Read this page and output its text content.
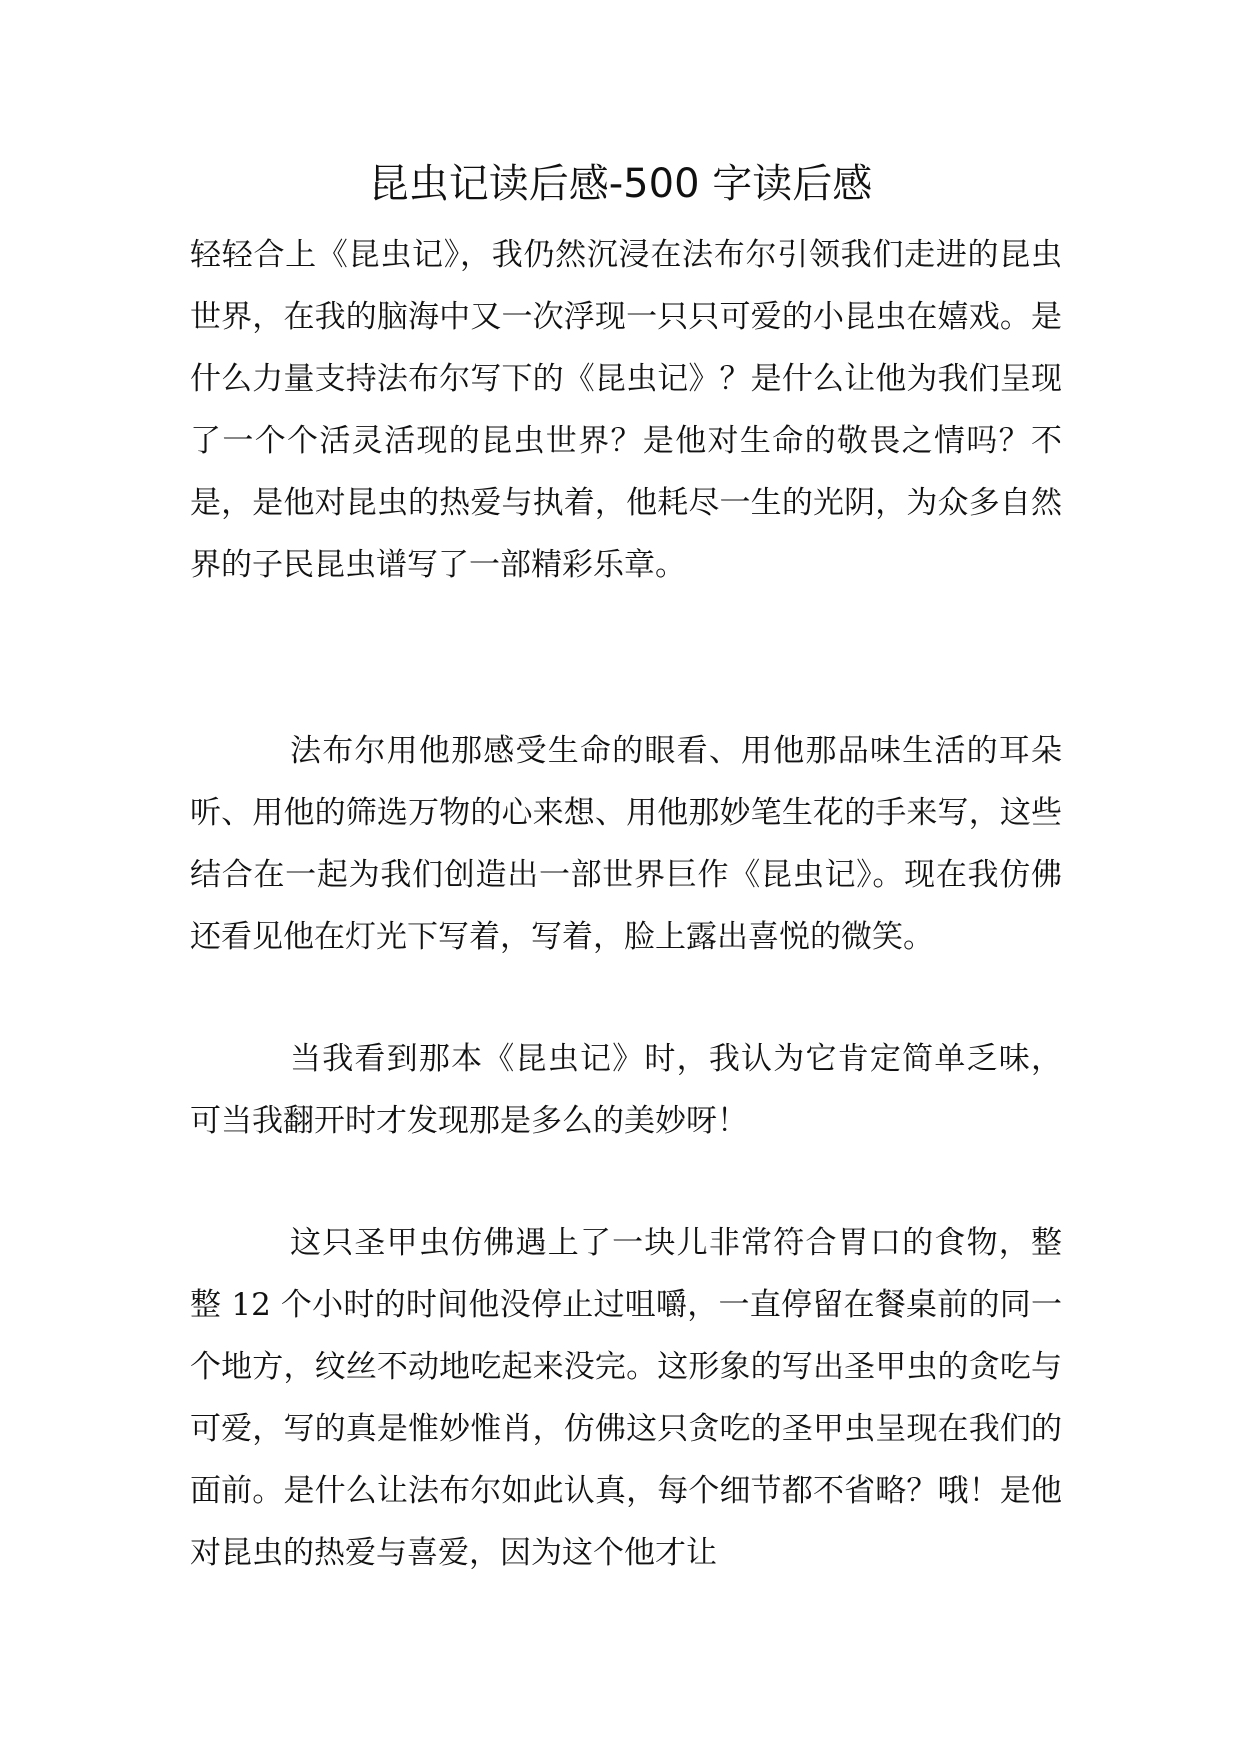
昆虫记读后感-500 字读后感

轻轻合上《昆虫记》，我仍然沉浸在法布尔引领我们走进的昆虫世界，在我的脑海中又一次浮现一只只可爱的小昆虫在嬉戏。是什么力量支持法布尔写下的《昆虫记》？是什么让他为我们呈现了一个个活灵活现的昆虫世界？是他对生命的敬畏之情吗？不是，是他对昆虫的热爱与执着，他耗尽一生的光阴，为众多自然界的子民昆虫谱写了一部精彩乐章。

法布尔用他那感受生命的眼看、用他那品味生活的耳朵听、用他的筛选万物的心来想、用他那妙笔生花的手来写，这些结合在一起为我们创造出一部世界巨作《昆虫记》。现在我仿佛还看见他在灯光下写着，写着，脸上露出喜悦的微笑。

当我看到那本《昆虫记》时，我认为它肯定简单乏味，可当我翻开时才发现那是多么的美妙呀！

这只圣甲虫仿佛遇上了一块儿非常符合胃口的食物，整整 12 个小时的时间他没停止过咀嚼，一直停留在餐桌前的同一个地方，纹丝不动地吃起来没完。这形象的写出圣甲虫的贪吃与可爱，写的真是惟妙惟肖，仿佛这只贪吃的圣甲虫呈现在我们的面前。是什么让法布尔如此认真，每个细节都不省略？哦！是他对昆虫的热爱与喜爱，因为这个他才让
